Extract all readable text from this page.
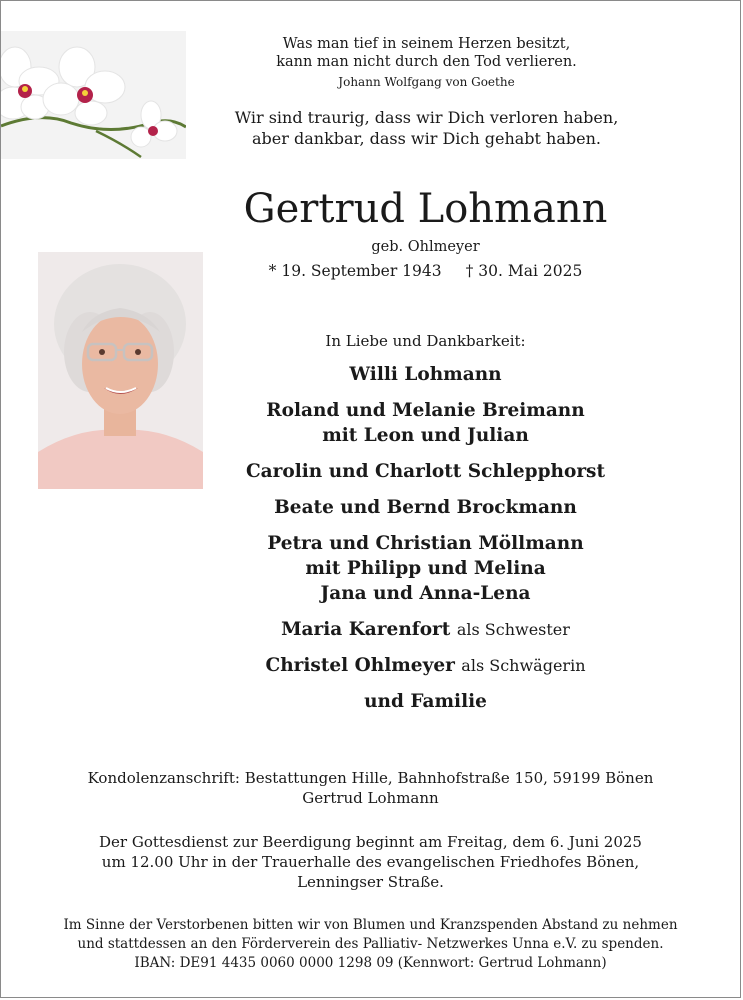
Was man tief in seinem Herzen besitzt,
kann man nicht durch den Tod verlieren.
Johann Wolfgang von Goethe
Wir sind traurig, dass wir Dich verloren haben,
aber dankbar, dass wir Dich gehabt haben.
Gertrud Lohmann
geb. Ohlmeyer
* 19. September 1943 † 30. Mai 2025
In Liebe und Dankbarkeit:
Willi Lohmann
Roland und Melanie Breimann
mit Leon und Julian
Carolin und Charlott Schlepphorst
Beate und Bernd Brockmann
Petra und Christian Möllmann
mit Philipp und Melina
Jana und Anna-Lena
Maria Karenfort als Schwester
Christel Ohlmeyer als Schwägerin
und Familie
Kondolenzanschrift: Bestattungen Hille, Bahnhofstraße 150, 59199 Bönen
Gertrud Lohmann
Der Gottesdienst zur Beerdigung beginnt am Freitag, dem 6. Juni 2025
um 12.00 Uhr in der Trauerhalle des evangelischen Friedhofes Bönen,
Lenningser Straße.
Im Sinne der Verstorbenen bitten wir von Blumen und Kranzspenden Abstand zu nehmen
und stattdessen an den Förderverein des Palliativ- Netzwerkes Unna e.V. zu spenden.
IBAN: DE91 4435 0060 0000 1298 09 (Kennwort: Gertrud Lohmann)
